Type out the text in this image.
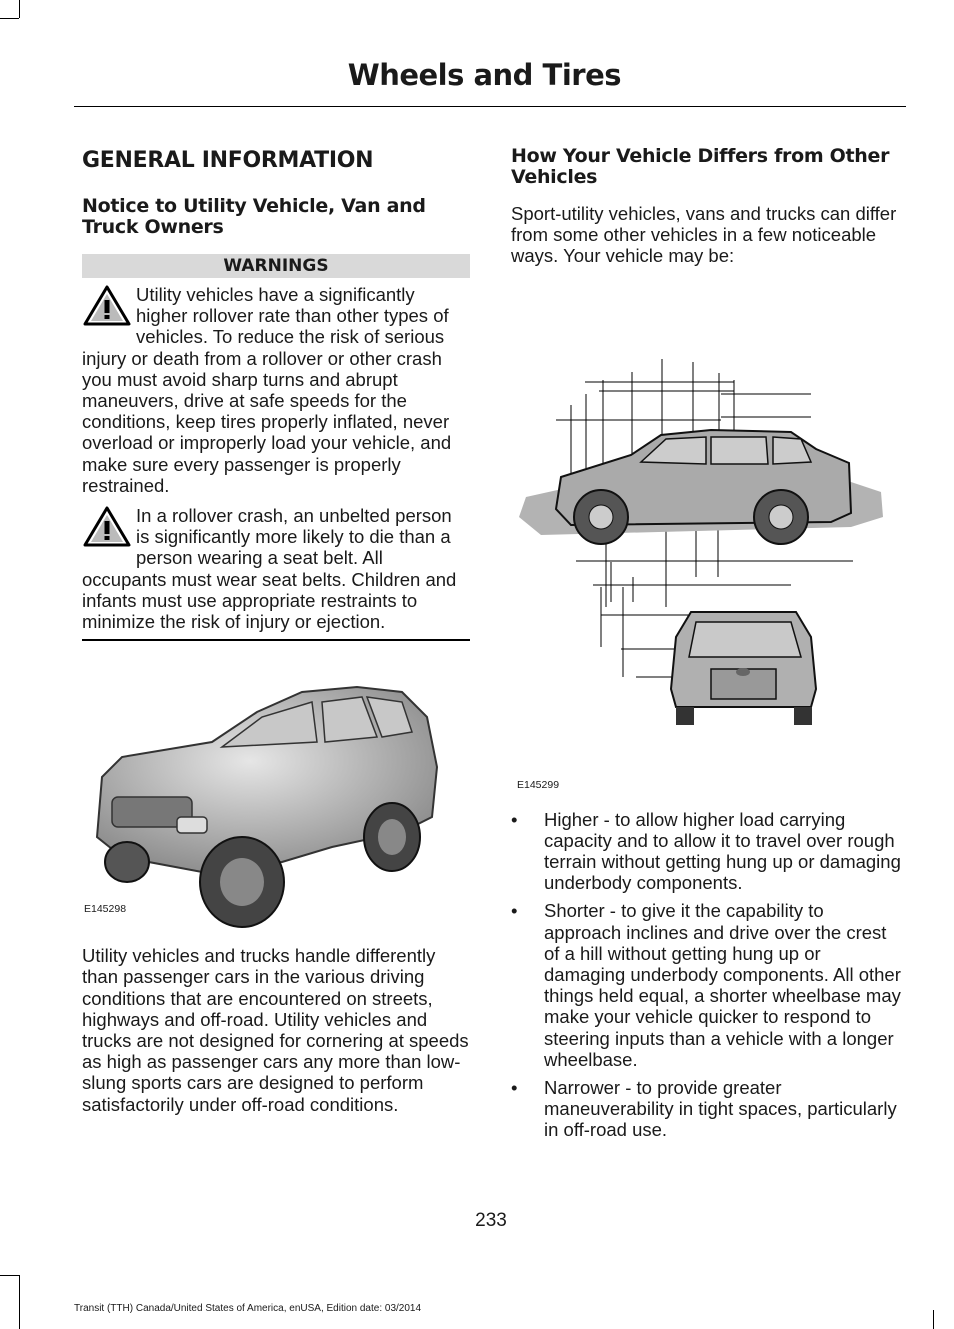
Wheels and Tires
GENERAL INFORMATION
Notice to Utility Vehicle, Van and Truck Owners
WARNINGS

Utility vehicles have a significantly higher rollover rate than other types of vehicles. To reduce the risk of serious injury or death from a rollover or other crash you must avoid sharp turns and abrupt maneuvers, drive at safe speeds for the conditions, keep tires properly inflated, never overload or improperly load your vehicle, and make sure every passenger is properly restrained.

In a rollover crash, an unbelted person is significantly more likely to die than a person wearing a seat belt. All occupants must wear seat belts. Children and infants must use appropriate restraints to minimize the risk of injury or ejection.

E145298

Utility vehicles and trucks handle differently than passenger cars in the various driving conditions that are encountered on streets, highways and off-road. Utility vehicles and trucks are not designed for cornering at speeds as high as passenger cars any more than low-slung sports cars are designed to perform satisfactorily under off-road conditions.

How Your Vehicle Differs from Other Vehicles

Sport-utility vehicles, vans and trucks can differ from some other vehicles in a few noticeable ways. Your vehicle may be:

E145299
• Higher - to allow higher load carrying capacity and to allow it to travel over rough terrain without getting hung up or damaging underbody components.
• Shorter - to give it the capability to approach inclines and drive over the crest of a hill without getting hung up or damaging underbody components. All other things held equal, a shorter wheelbase may make your vehicle quicker to respond to steering inputs than a vehicle with a longer wheelbase.
• Narrower - to provide greater maneuverability in tight spaces, particularly in off-road use.
233
Transit (TTH) Canada/United States of America, enUSA, Edition date: 03/2014
